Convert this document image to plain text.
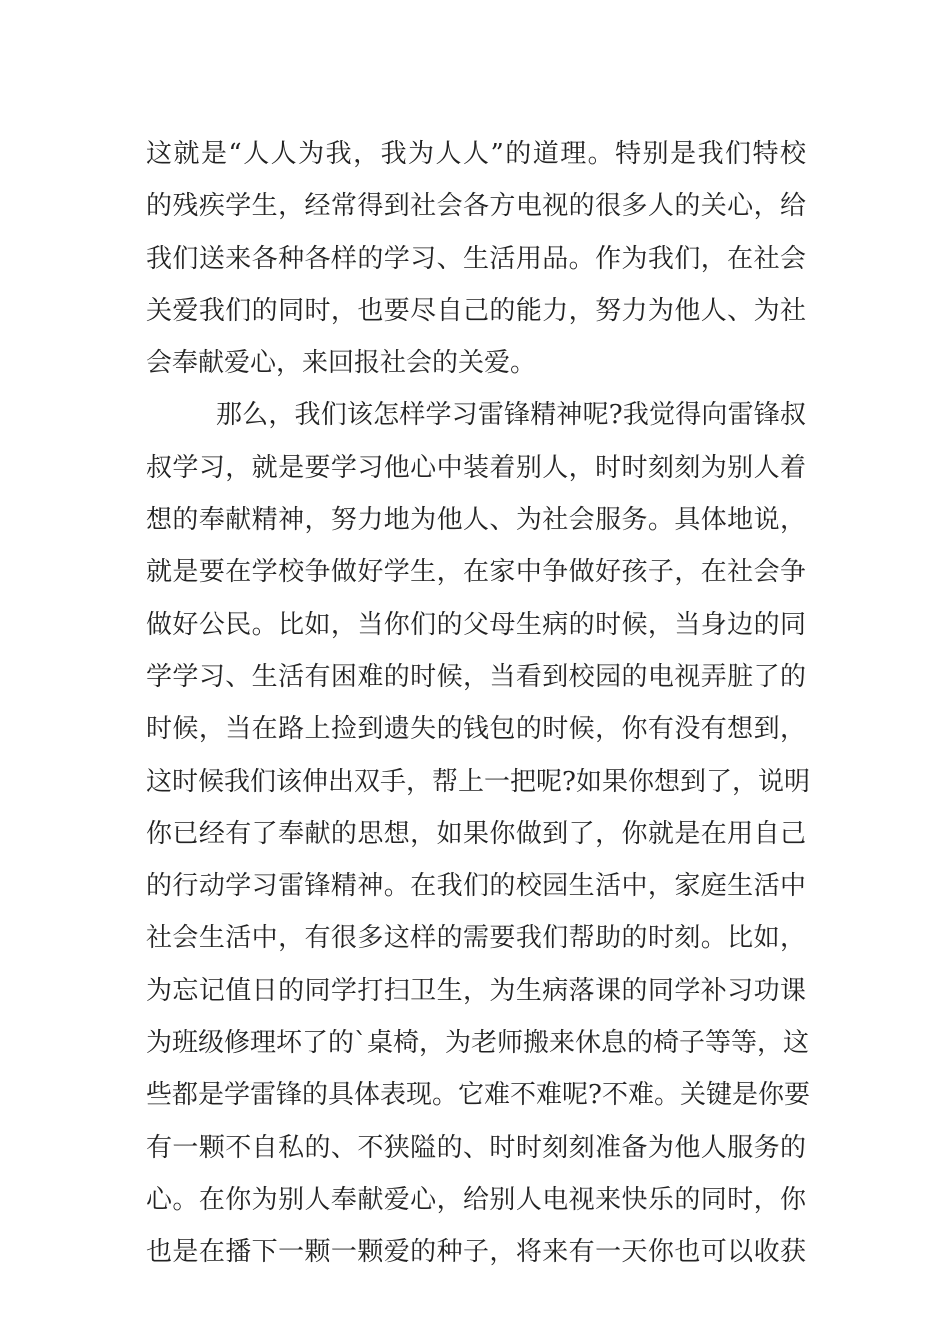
这就是“人人为我，我为人人”的道理。特别是我们特校
的残疾学生，经常得到社会各方电视的很多人的关心，给
我们送来各种各样的学习、生活用品。作为我们，在社会
关爱我们的同时，也要尽自己的能力，努力为他人、为社
会奉献爱心，来回报社会的关爱。
那么，我们该怎样学习雷锋精神呢?我觉得向雷锋叔
叔学习，就是要学习他心中装着别人，时时刻刻为别人着
想的奉献精神，努力地为他人、为社会服务。具体地说，
就是要在学校争做好学生，在家中争做好孩子，在社会争
做好公民。比如，当你们的父母生病的时候，当身边的同
学学习、生活有困难的时候，当看到校园的电视弄脏了的
时候，当在路上捡到遗失的钱包的时候，你有没有想到，
这时候我们该伸出双手，帮上一把呢?如果你想到了，说明
你已经有了奉献的思想，如果你做到了，你就是在用自己
的行动学习雷锋精神。在我们的校园生活中，家庭生活中
社会生活中，有很多这样的需要我们帮助的时刻。比如，
为忘记值日的同学打扫卫生，为生病落课的同学补习功课
为班级修理坏了的`桌椅，为老师搬来休息的椅子等等，这
些都是学雷锋的具体表现。它难不难呢?不难。关键是你要
有一颗不自私的、不狭隘的、时时刻刻准备为他人服务的
心。在你为别人奉献爱心，给别人电视来快乐的同时，你
也是在播下一颗一颗爱的种子，将来有一天你也可以收获
